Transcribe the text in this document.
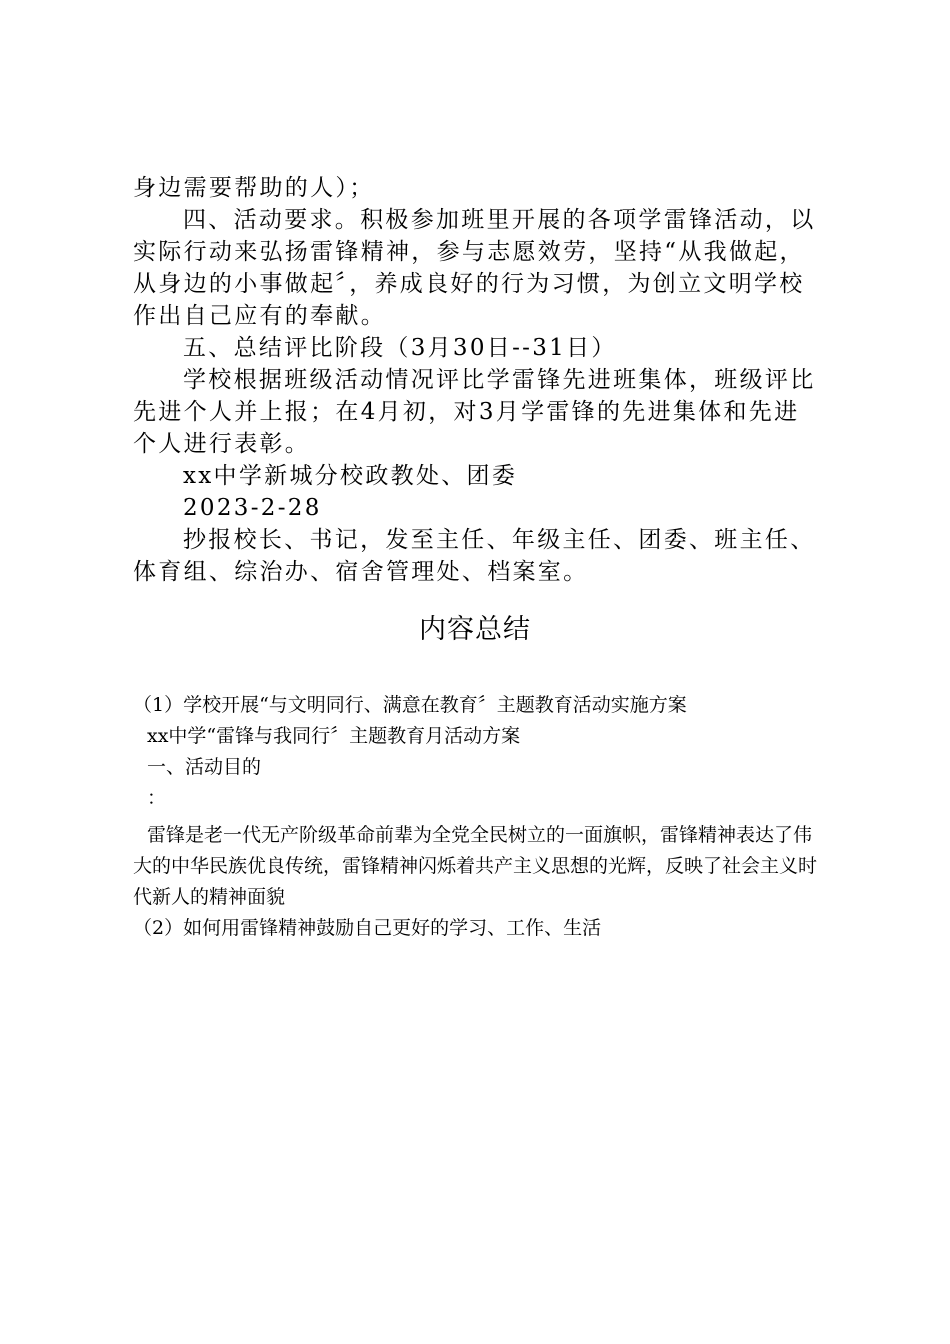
身边需要帮助的人）；

四、活动要求。积极参加班里开展的各项学雷锋活动，以实际行动来弘扬雷锋精神，参与志愿效劳，坚持“从我做起，从身边的小事做起〞，养成良好的行为习惯，为创立文明学校作出自己应有的奉献。

五、总结评比阶段（3月30日--31日）

学校根据班级活动情况评比学雷锋先进班集体，班级评比先进个人并上报；在4月初，对3月学雷锋的先进集体和先进个人进行表彰。

xx中学新城分校政教处、团委

2023-2-28

抄报校长、书记，发至主任、年级主任、团委、班主任、体育组、综治办、宿舍管理处、档案室。

内容总结

（1）学校开展“与文明同行、满意在教育〞主题教育活动实施方案

xx中学“雷锋与我同行〞主题教育月活动方案

一、活动目的

：

雷锋是老一代无产阶级革命前辈为全党全民树立的一面旗帜，雷锋精神表达了伟大的中华民族优良传统，雷锋精神闪烁着共产主义思想的光辉，反映了社会主义时代新人的精神面貌

（2）如何用雷锋精神鼓励自己更好的学习、工作、生活
